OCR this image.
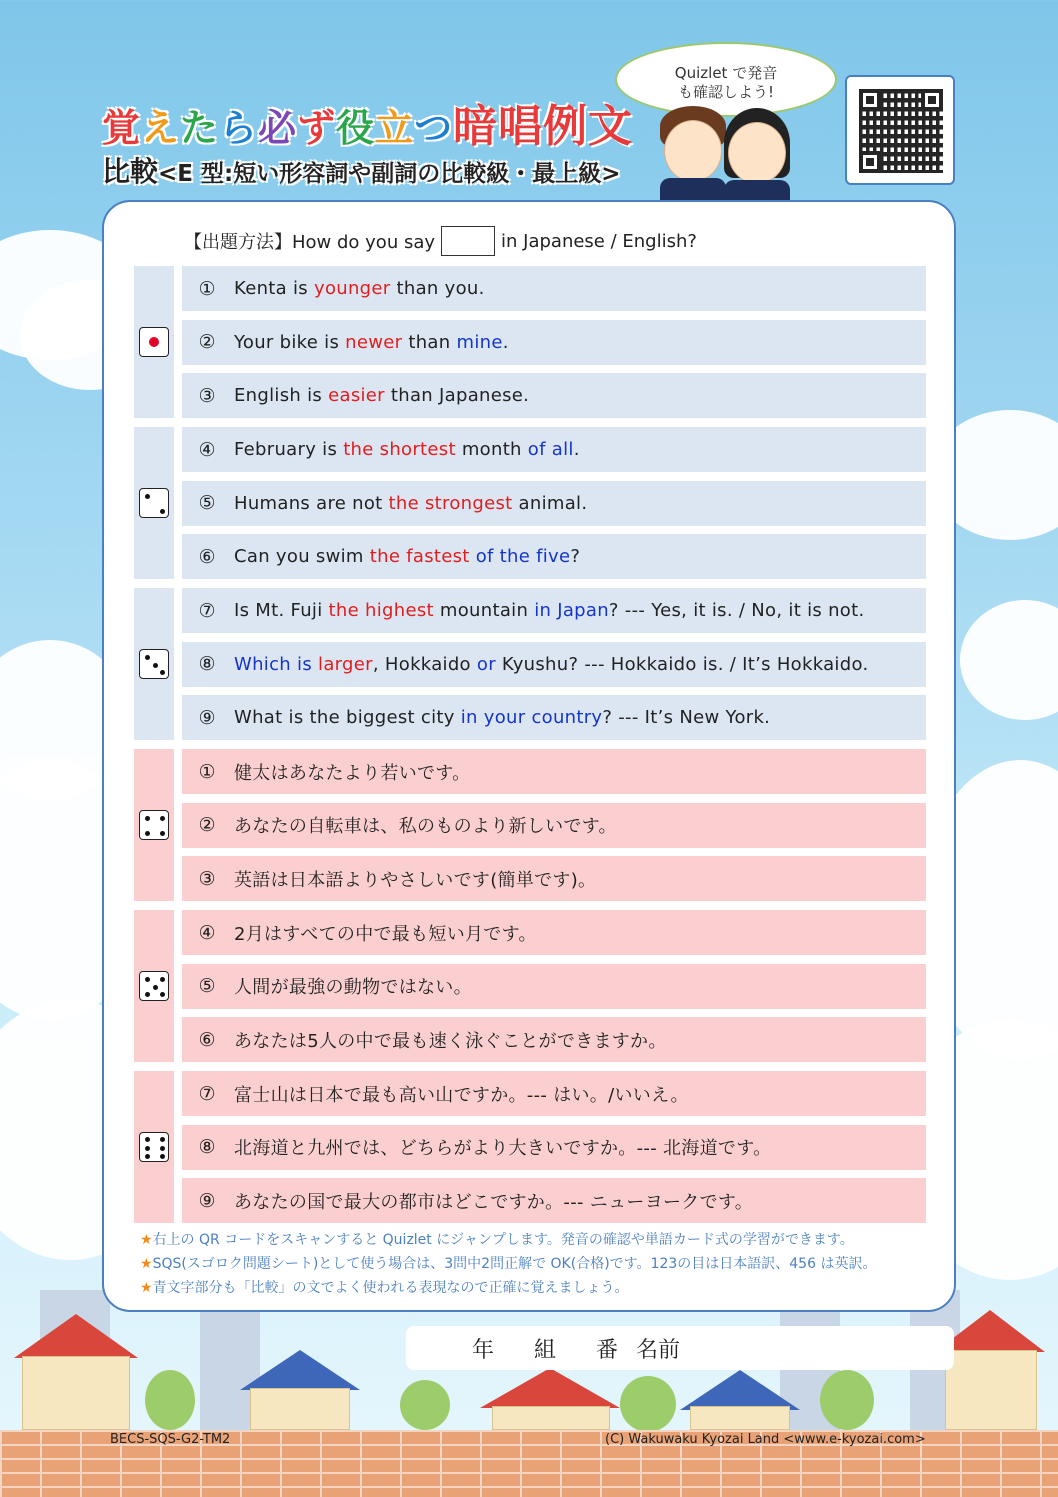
覚えたら必ず役立つ暗唱例文
比較<E 型:短い形容詞や副詞の比較級・最上級>
Quizlet で発音
も確認しよう!
【出題方法】How do you say	in Japanese / English?
①	Kenta is younger than you.
②	Your bike is newer than mine.
③	English is easier than Japanese.
④	February is the shortest month of all.
⑤	Humans are not the strongest animal.
⑥	Can you swim the fastest of the five?
⑦	Is Mt. Fuji the highest mountain in Japan? --- Yes, it is. / No, it is not.
⑧	Which is larger, Hokkaido or Kyushu? --- Hokkaido is. / It’s Hokkaido.
⑨	What is the biggest city in your country? --- It’s New York.
①	健太はあなたより若いです。
②	あなたの自転車は、私のものより新しいです。
③	英語は日本語よりやさしいです(簡単です)。
④	2月はすべての中で最も短い月です。
⑤	人間が最強の動物ではない。
⑥	あなたは5人の中で最も速く泳ぐことができますか。
⑦	富士山は日本で最も高い山ですか。--- はい。/いいえ。
⑧	北海道と九州では、どちらがより大きいですか。--- 北海道です。
⑨	あなたの国で最大の都市はどこですか。--- ニューヨークです。
★右上の QR コードをスキャンすると Quizlet にジャンプします。発音の確認や単語カード式の学習ができます。
★SQS(スゴロク問題シート)として使う場合は、3問中2問正解で OK(合格)です。123の目は日本語訳、456 は英訳。
★青文字部分も「比較」の文でよく使われる表現なので正確に覚えましょう。
年	組	番 名前
BECS-SQS-G2-TM2	(C) Wakuwaku Kyozai Land <www.e-kyozai.com>
